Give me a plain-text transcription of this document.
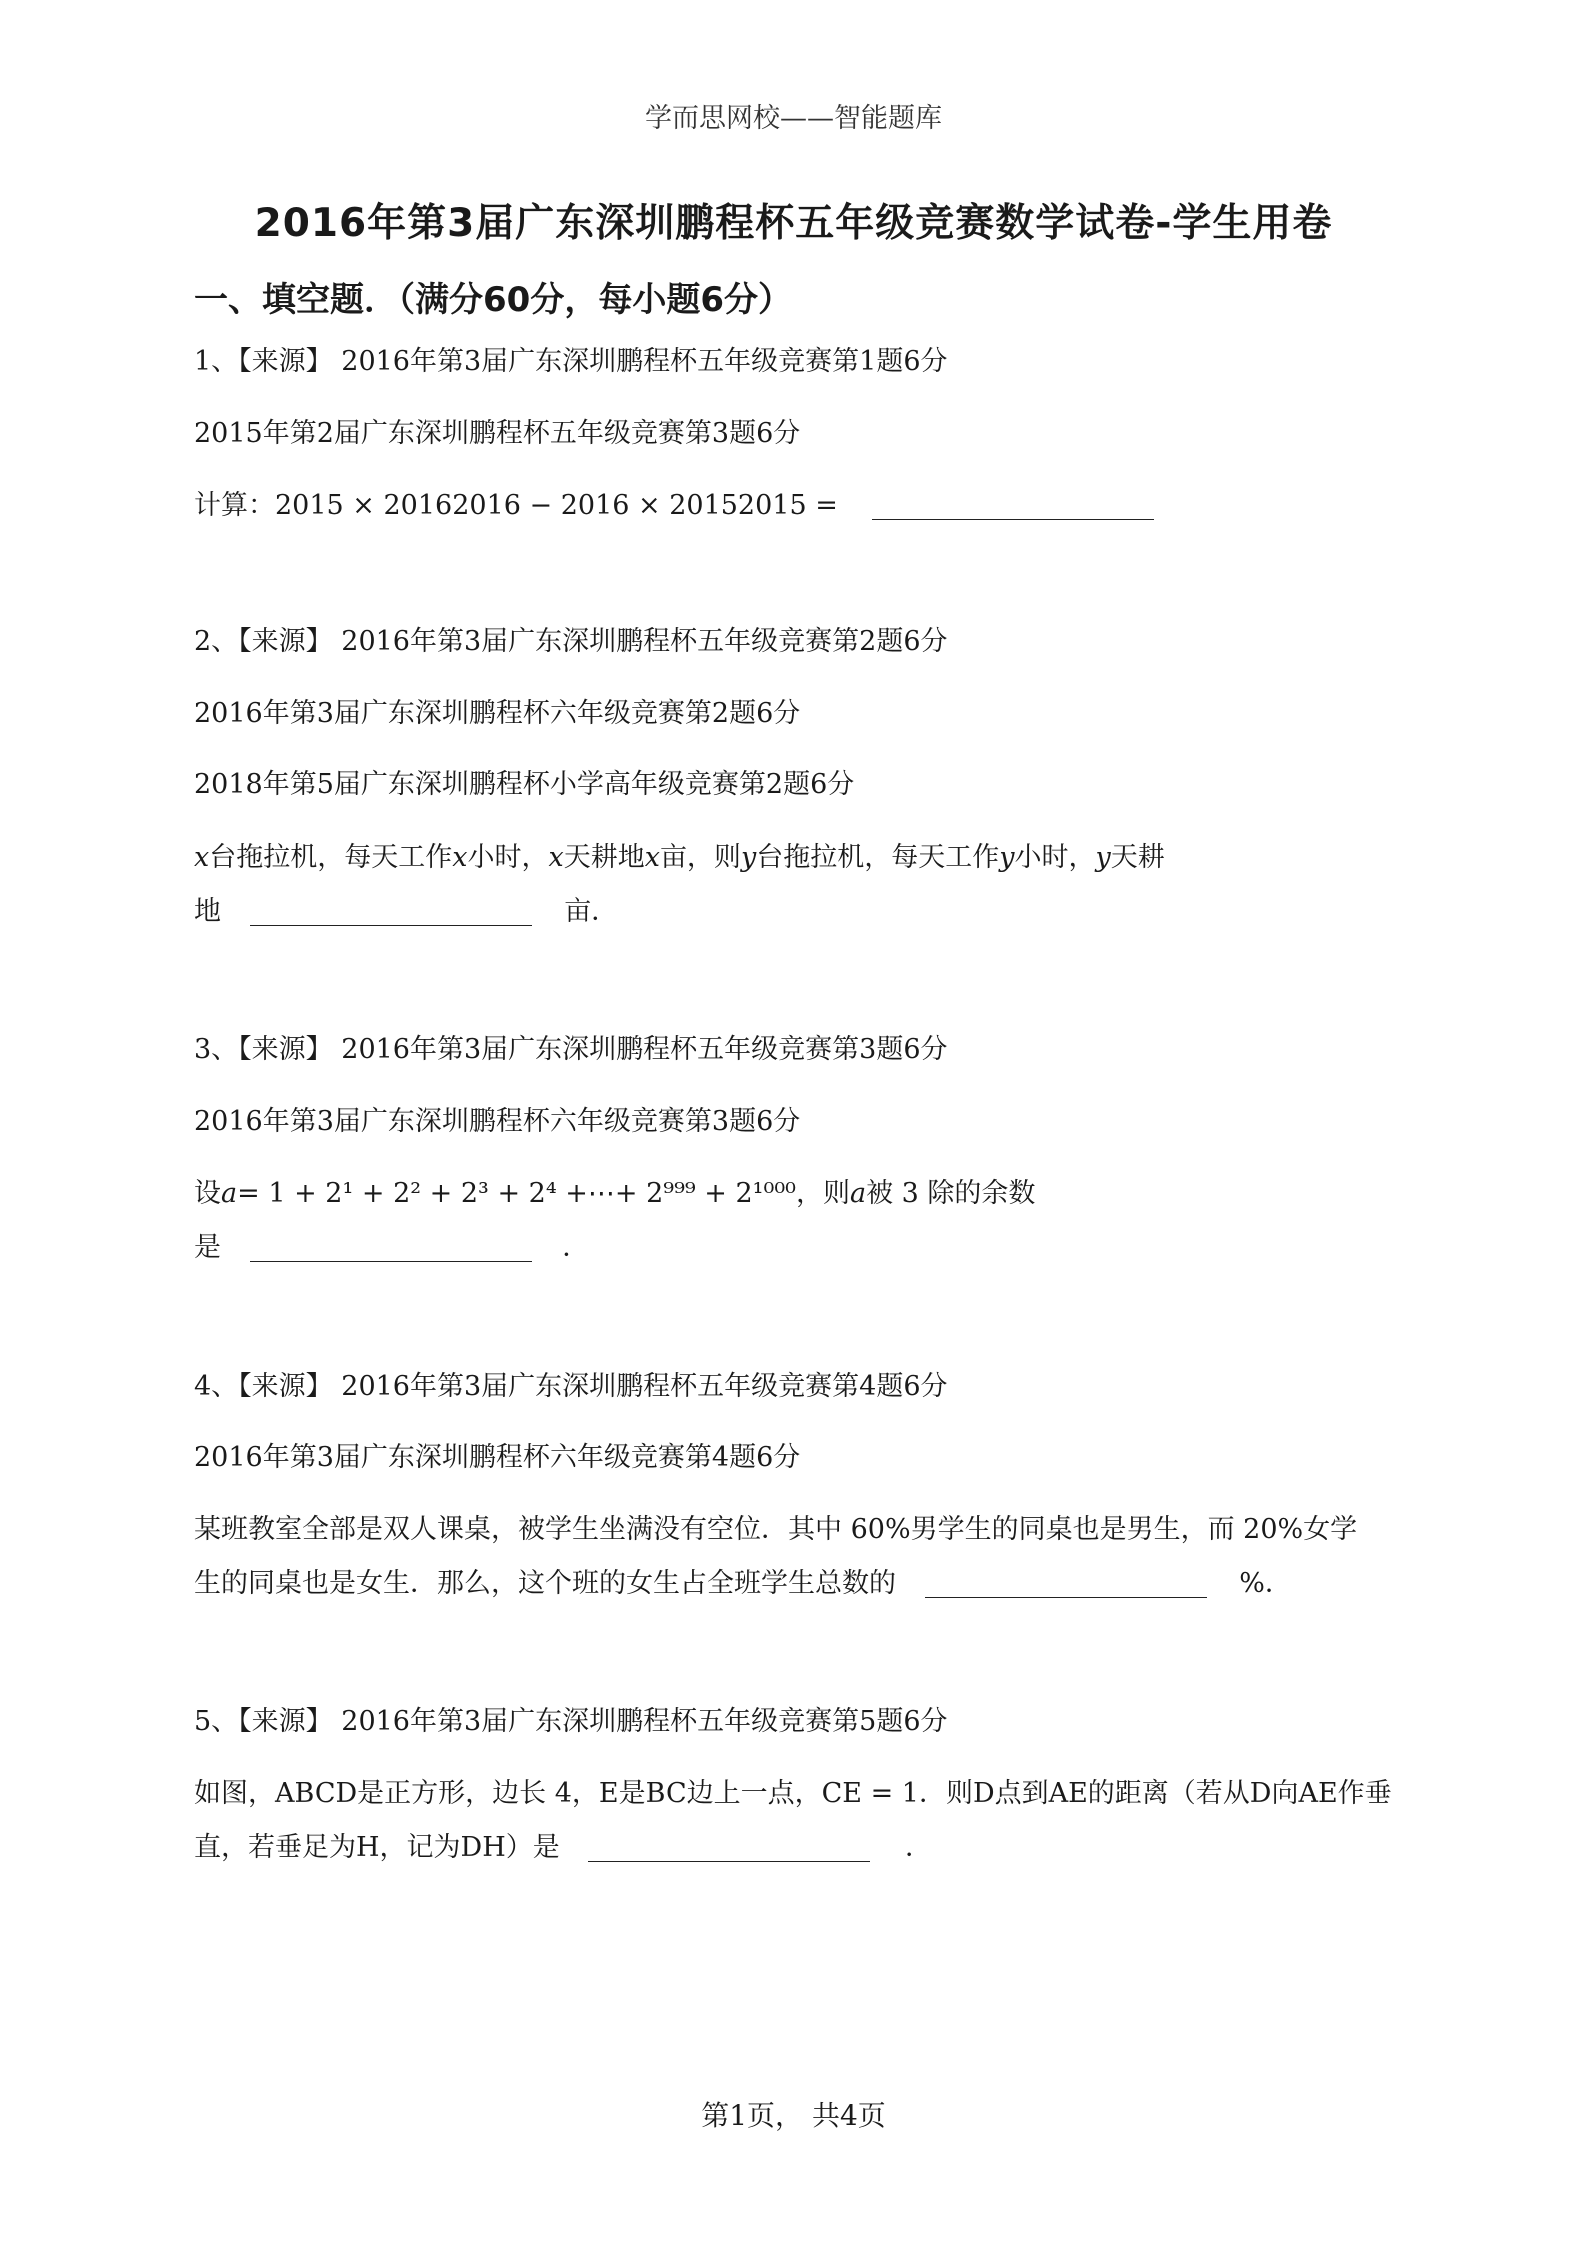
学而思网校——智能题库
2016年第3届广东深圳鹏程杯五年级竞赛数学试卷-学生用卷
一、填空题．（满分60分，每小题6分）
1、【来源】 2016年第3届广东深圳鹏程杯五年级竞赛第1题6分
2015年第2届广东深圳鹏程杯五年级竞赛第3题6分
计算：2015 × 20162016 − 2016 × 20152015 =
2、【来源】 2016年第3届广东深圳鹏程杯五年级竞赛第2题6分
2016年第3届广东深圳鹏程杯六年级竞赛第2题6分
2018年第5届广东深圳鹏程杯小学高年级竞赛第2题6分
x台拖拉机，每天工作x小时，x天耕地x亩，则y台拖拉机，每天工作y小时，y天耕
地	亩．
3、【来源】 2016年第3届广东深圳鹏程杯五年级竞赛第3题6分
2016年第3届广东深圳鹏程杯六年级竞赛第3题6分
设a= 1 + 2¹ + 2² + 2³ + 2⁴ +⋯+ 2⁹⁹⁹ + 2¹⁰⁰⁰，则a被 3 除的余数
是	．
4、【来源】 2016年第3届广东深圳鹏程杯五年级竞赛第4题6分
2016年第3届广东深圳鹏程杯六年级竞赛第4题6分
某班教室全部是双人课桌，被学生坐满没有空位．其中 60%男学生的同桌也是男生，而 20%女学
生的同桌也是女生．那么，这个班的女生占全班学生总数的	%．
5、【来源】 2016年第3届广东深圳鹏程杯五年级竞赛第5题6分
如图，ABCD是正方形，边长 4，E是BC边上一点，CE = 1．则D点到AE的距离（若从D向AE作垂
直，若垂足为H，记为DH）是	．
第1页， 共4页
